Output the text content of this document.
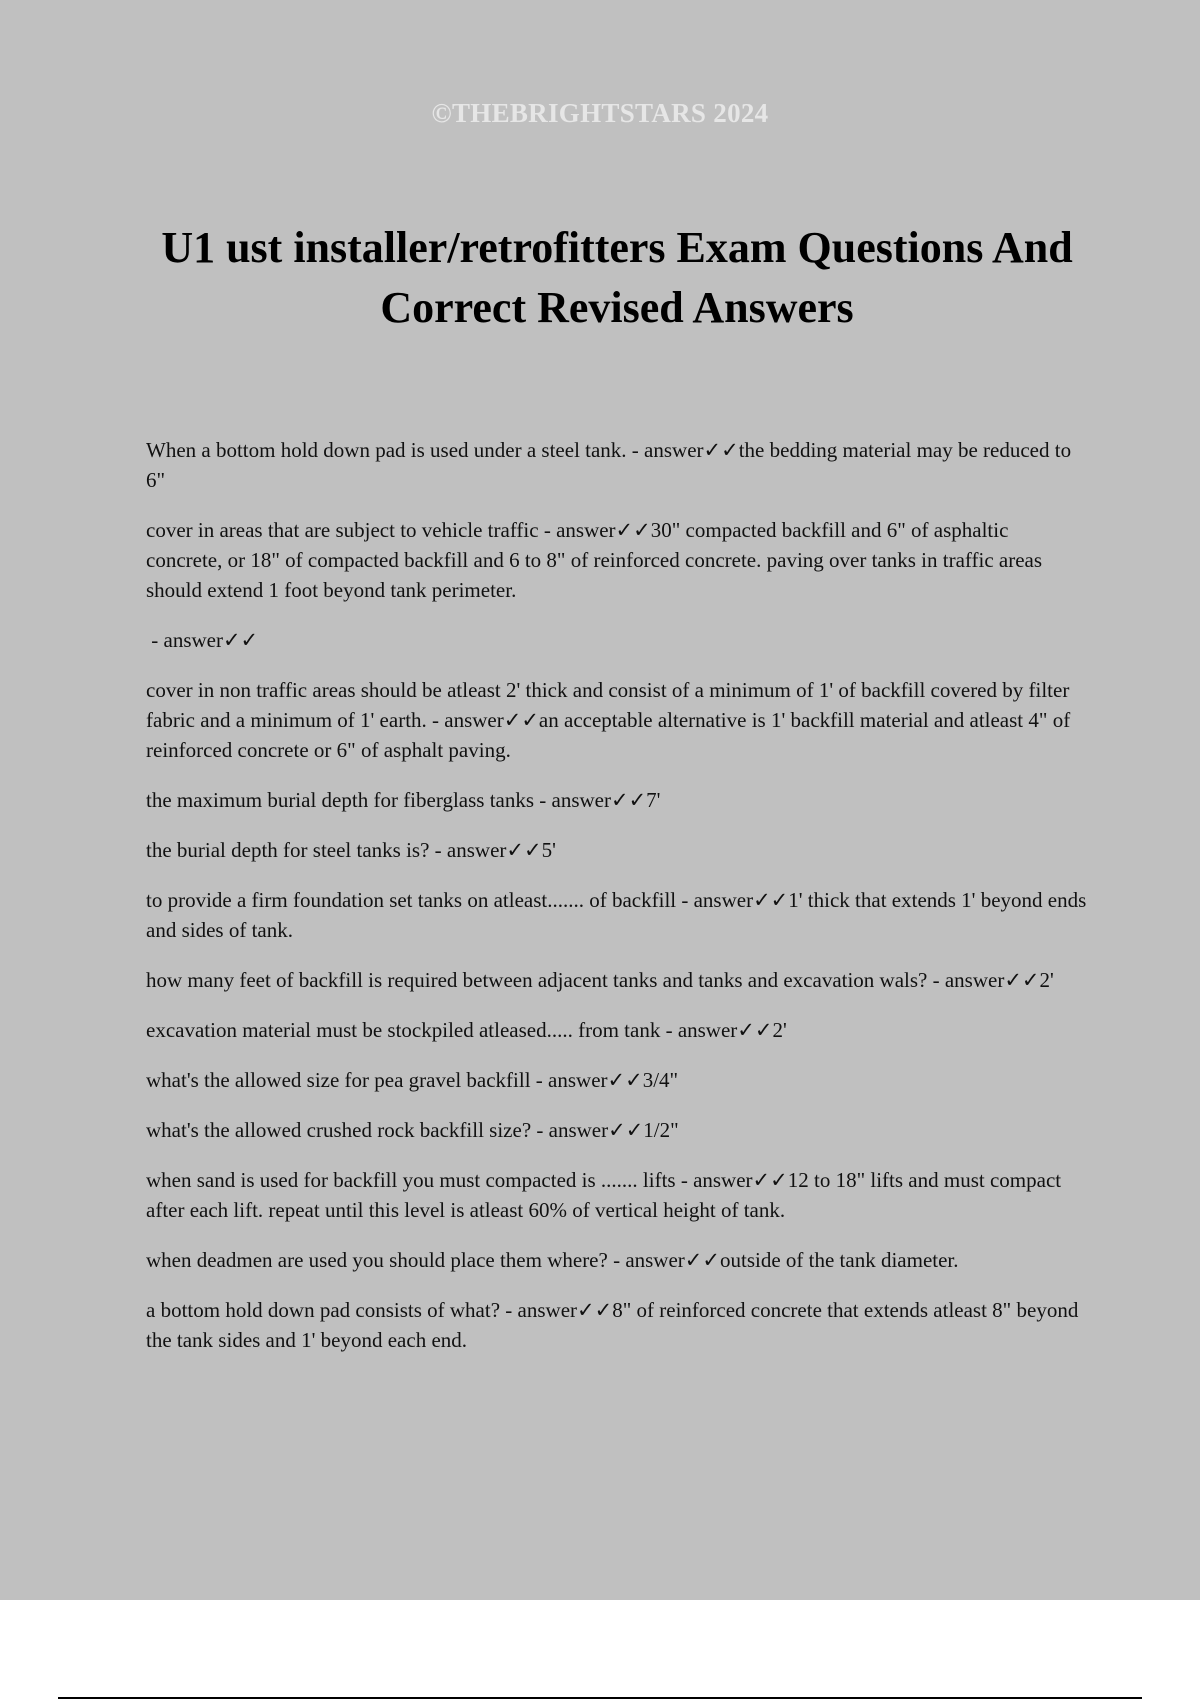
©THEBRIGHTSTARS 2024
U1 ust installer/retrofitters Exam Questions And Correct Revised Answers
When a bottom hold down pad is used under a steel tank. - answer✓✓the bedding material may be reduced to 6"
cover in areas that are subject to vehicle traffic - answer✓✓30" compacted backfill and 6" of asphaltic concrete, or 18" of compacted backfill and 6 to 8" of reinforced concrete. paving over tanks in traffic areas should extend 1 foot beyond tank perimeter.
- answer✓✓
cover in non traffic areas should be atleast 2' thick and consist of a minimum of 1' of backfill covered by filter fabric and a minimum of 1' earth. - answer✓✓an acceptable alternative is 1' backfill material and atleast 4" of reinforced concrete or 6" of asphalt paving.
the maximum burial depth for fiberglass tanks - answer✓✓7'
the burial depth for steel tanks is? - answer✓✓5'
to provide a firm foundation set tanks on atleast....... of backfill - answer✓✓1' thick that extends 1' beyond ends and sides of tank.
how many feet of backfill is required between adjacent tanks and tanks and excavation wals? - answer✓✓2'
excavation material must be stockpiled atleased..... from tank - answer✓✓2'
what's the allowed size for pea gravel backfill - answer✓✓3/4"
what's the allowed crushed rock backfill size? - answer✓✓1/2"
when sand is used for backfill you must compacted is ....... lifts - answer✓✓12 to 18" lifts and must compact after each lift. repeat until this level is atleast 60% of vertical height of tank.
when deadmen are used you should place them where? - answer✓✓outside of the tank diameter.
a bottom hold down pad consists of what? - answer✓✓8" of reinforced concrete that extends atleast 8" beyond the tank sides and 1' beyond each end.
